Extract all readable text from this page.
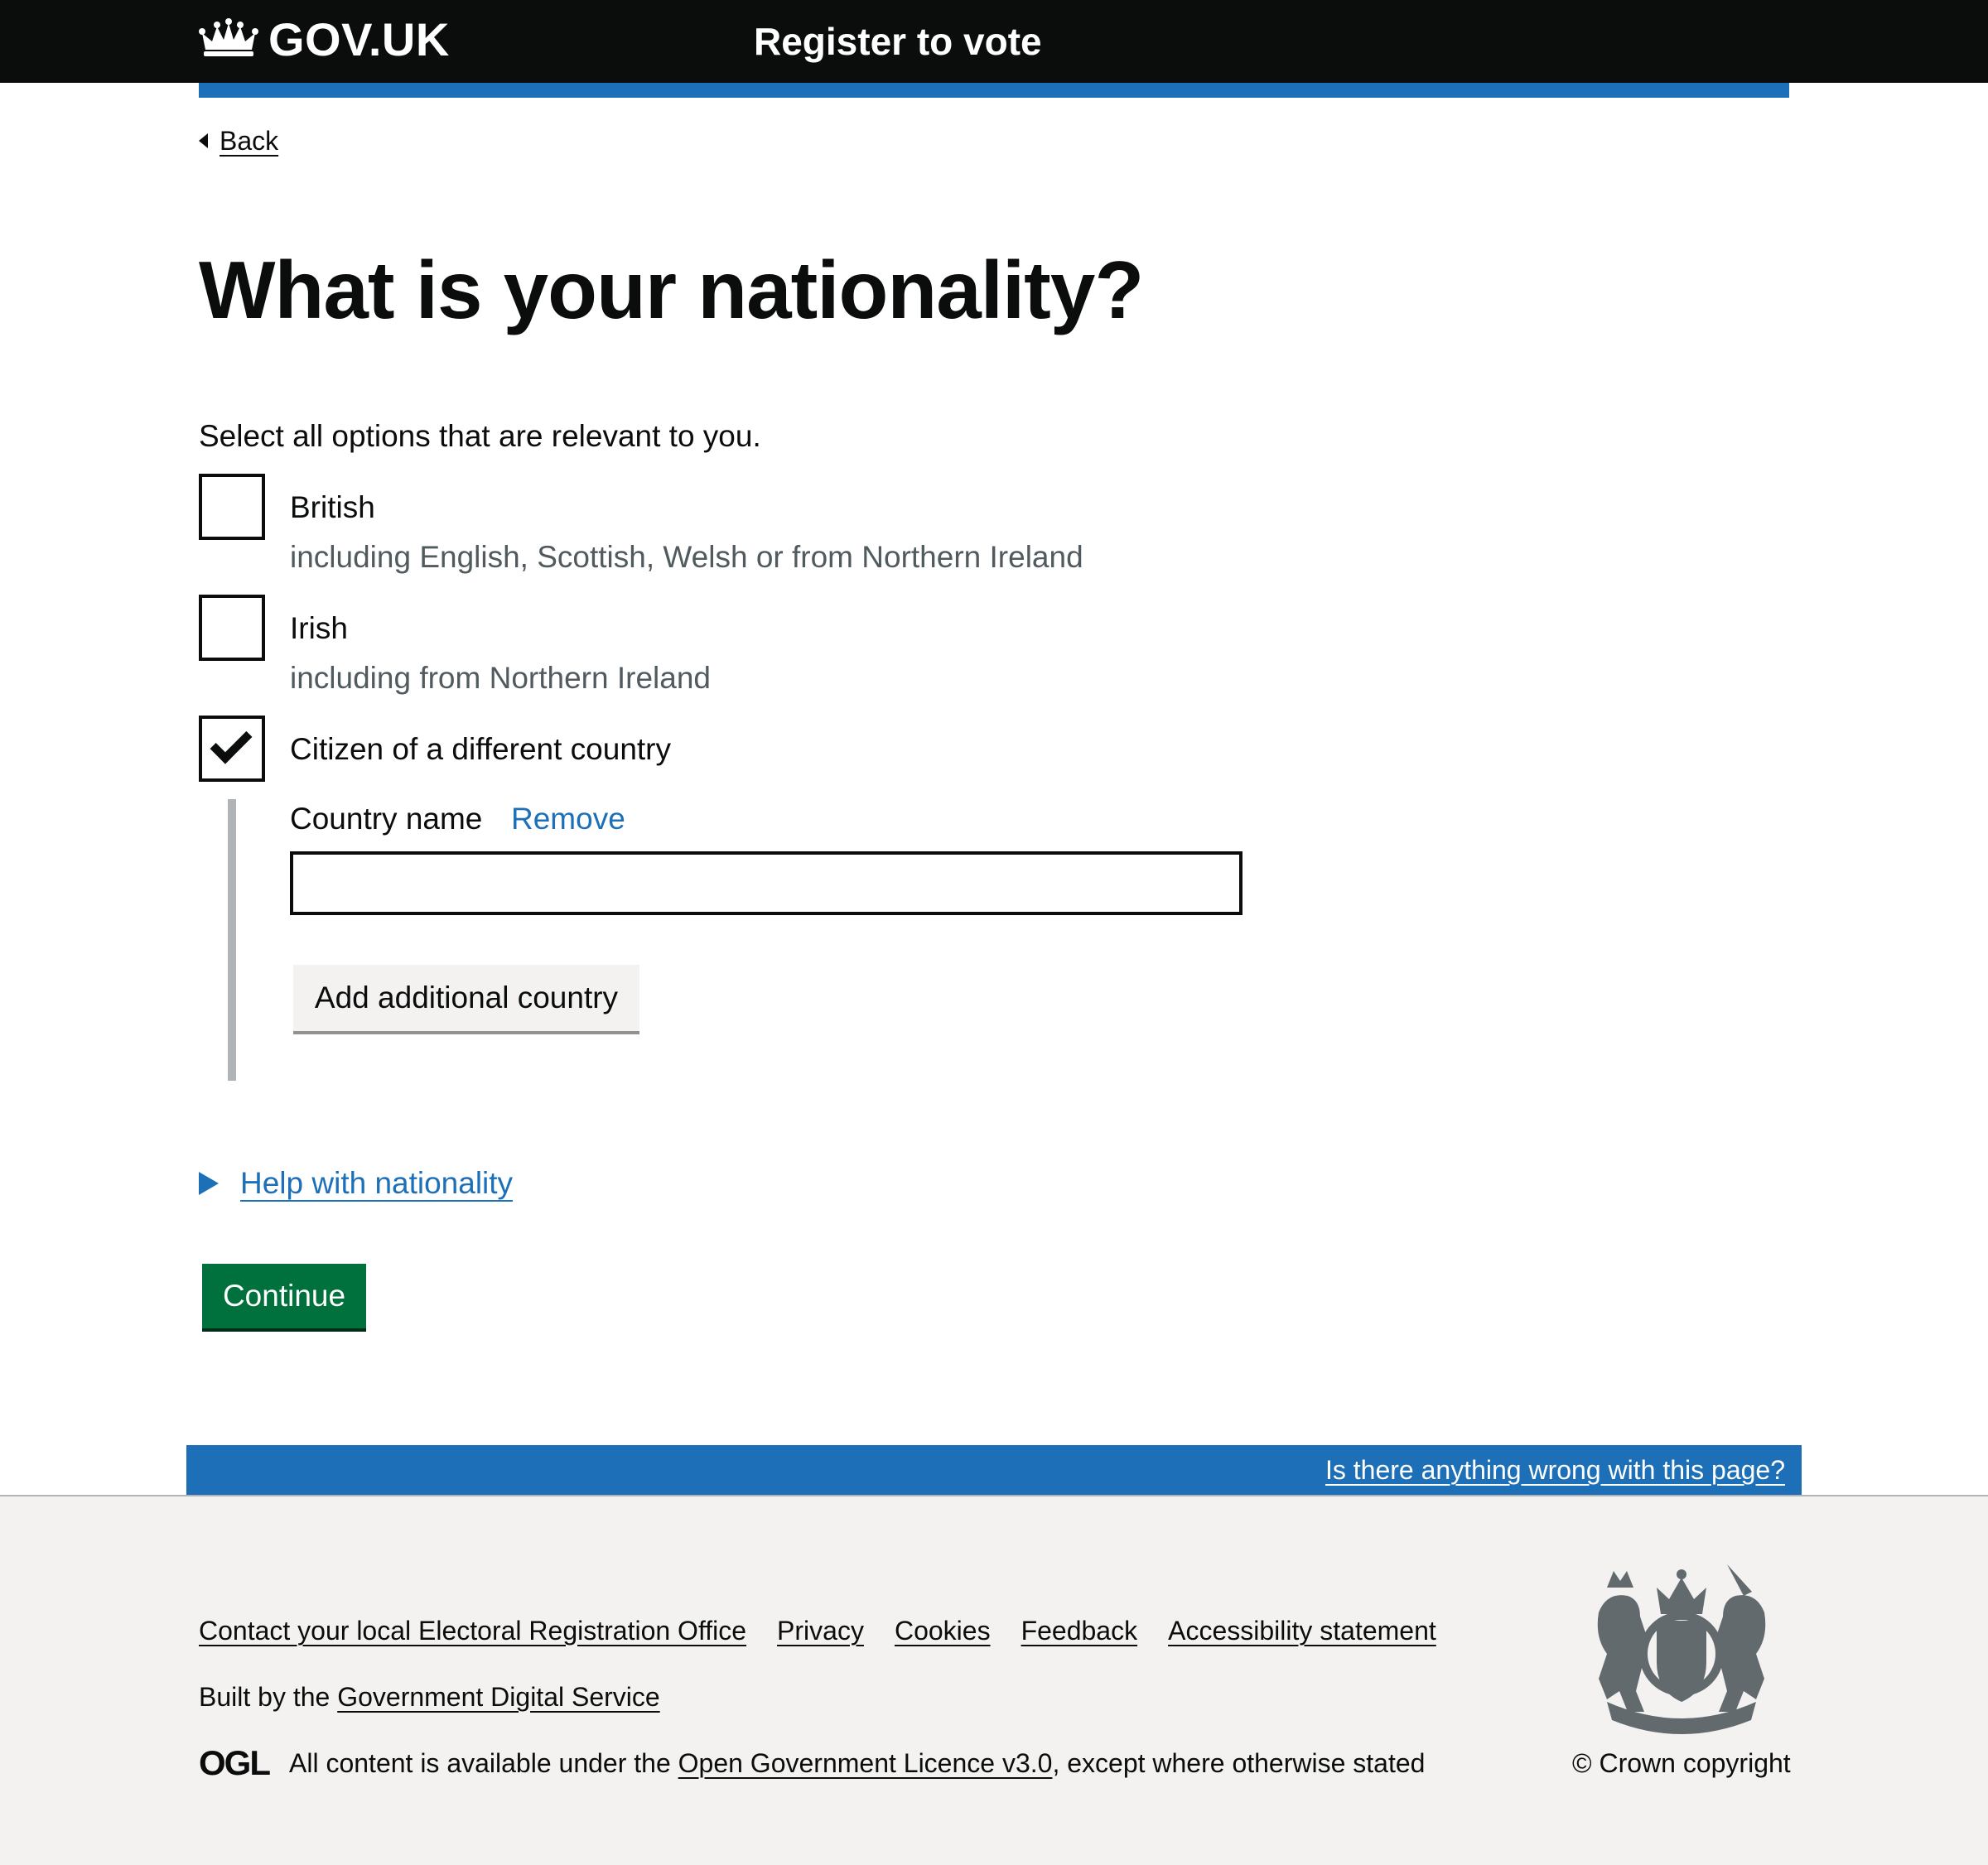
GOV.UK	Register to vote
Back
What is your nationality?
Select all options that are relevant to you.
British
including English, Scottish, Welsh or from Northern Ireland
Irish
including from Northern Ireland
Citizen of a different country
Country name Remove
Add additional country
Help with nationality
Continue
Is there anything wrong with this page?
Contact your local Electoral Registration Office Privacy Cookies Feedback Accessibility statement
Built by the Government Digital Service
OGL All content is available under the Open Government Licence v3.0, except where otherwise stated	© Crown copyright
